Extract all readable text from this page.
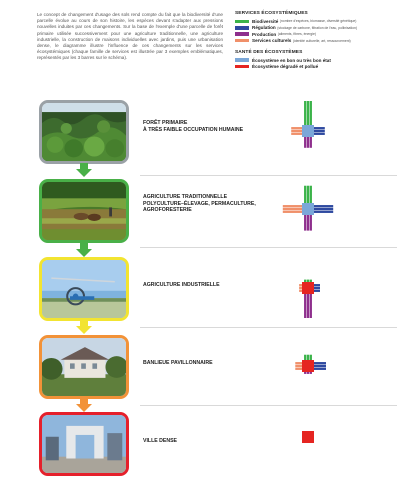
Le concept de changement d'usage des sols rend compte du fait que la biodiversité d'une parcelle évolue au cours de son histoire, les espèces devant s'adapter aux pressions nouvelles induites par ces changements. Sur la base de l'exemple d'une parcelle de forêt primaire utilisée successivement pour une agriculture traditionnelle, une agriculture industrielle, la construction de maisons individuelles avec jardins, puis une urbanisation dense, le diagramme illustre l'influence de ces changements sur les services écosystémiques (chaque famille de services est illustrée par 3 exemples emblématiques, représentés par les 3 barres sur le schéma).
SERVICES ÉCOSYSTÉMIQUES
Biodiversité (nombre d'espèces, biomasse, diversité génétique)
Régulation (stockage de carbone, filtration de l'eau, pollinisation)
Production (aliments, fibres, énergie)
Services culturels (identité culturelle, art, ressourcement)
SANTÉ DES ÉCOSYSTÈMES
Écosystème en bon ou très bon état
Écosystème dégradé et pollué
FORÊT PRIMAIRE
À TRÈS FAIBLE OCCUPATION HUMAINE
AGRICULTURE TRADITIONNELLE
POLYCULTURE–ÉLEVAGE, PERMACULTURE,
AGROFORESTERIE
AGRICULTURE INDUSTRIELLE
BANLIEUE PAVILLONNAIRE
VILLE DENSE
